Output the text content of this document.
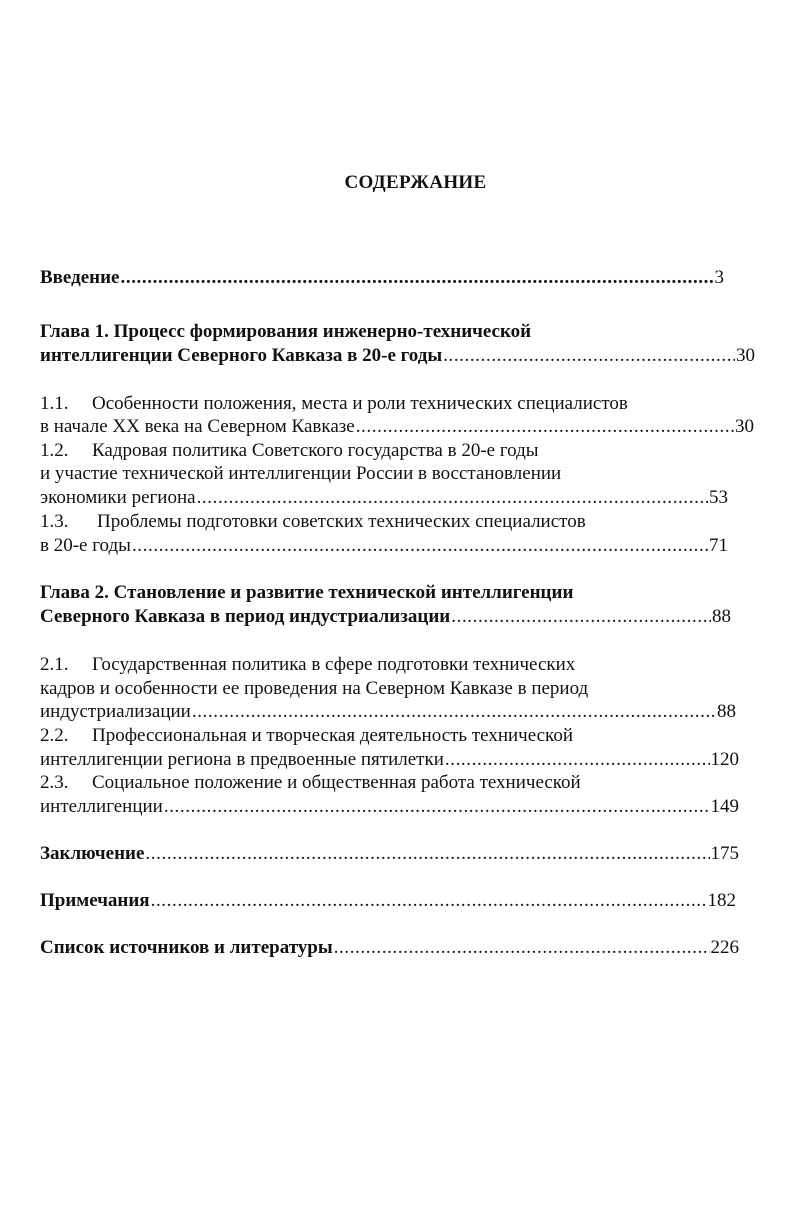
СОДЕРЖАНИЕ
Введение .....	3
Глава 1. Процесс формирования инженерно-технической
интеллигенции Северного Кавказа в 20-е годы .....	30
1.1. Особенности положения, места и роли технических специалистов
в начале XX века на Северном Кавказе .....	30
1.2. Кадровая политика Советского государства в 20-е годы
и участие технической интеллигенции России в восстановлении
экономики региона .....	53
1.3. Проблемы подготовки советских технических специалистов
в 20-е годы .....	71
Глава 2. Становление и развитие технической интеллигенции
Северного Кавказа в период индустриализации .....	88
2.1. Государственная политика в сфере подготовки технических
кадров и особенности ее проведения на Северном Кавказе в период
индустриализации .....	88
2.2. Профессиональная и творческая деятельность технической
интеллигенции региона в предвоенные пятилетки .....	120
2.3. Социальное положение и общественная работа технической
интеллигенции .....	149
Заключение .....	175
Примечания .....	182
Список источников и литературы .....	226
